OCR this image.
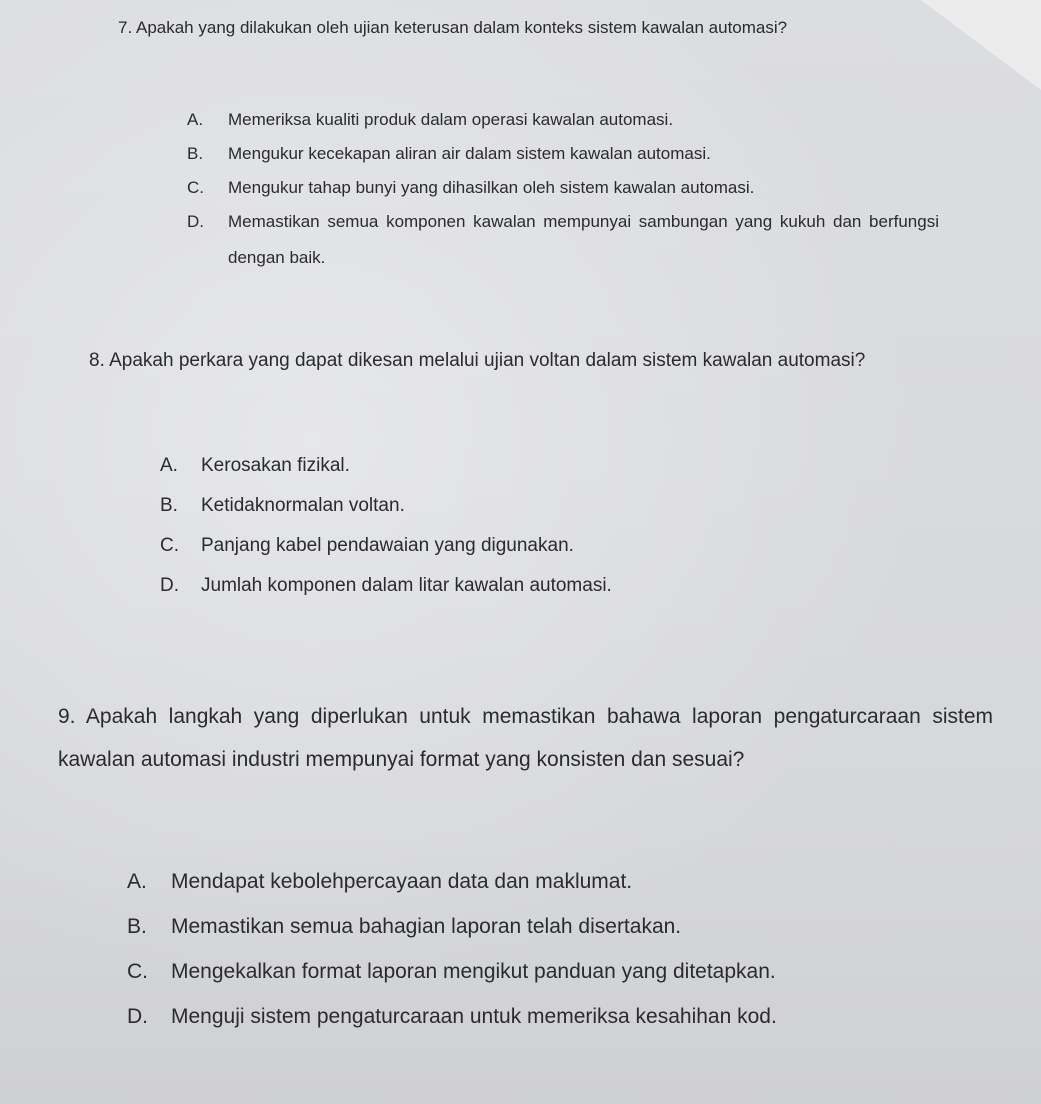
7. Apakah yang dilakukan oleh ujian keterusan dalam konteks sistem kawalan automasi?

A.	Memeriksa kualiti produk dalam operasi kawalan automasi.
B.	Mengukur kecekapan aliran air dalam sistem kawalan automasi.
C.	Mengukur tahap bunyi yang dihasilkan oleh sistem kawalan automasi.
D.	Memastikan semua komponen kawalan mempunyai sambungan yang kukuh dan berfungsi dengan baik.

8. Apakah perkara yang dapat dikesan melalui ujian voltan dalam sistem kawalan automasi?

A.	Kerosakan fizikal.
B.	Ketidaknormalan voltan.
C.	Panjang kabel pendawaian yang digunakan.
D.	Jumlah komponen dalam litar kawalan automasi.

9. Apakah langkah yang diperlukan untuk memastikan bahawa laporan pengaturcaraan sistem kawalan automasi industri mempunyai format yang konsisten dan sesuai?

A.	Mendapat kebolehpercayaan data dan maklumat.
B.	Memastikan semua bahagian laporan telah disertakan.
C.	Mengekalkan format laporan mengikut panduan yang ditetapkan.
D.	Menguji sistem pengaturcaraan untuk memeriksa kesahihan kod.
